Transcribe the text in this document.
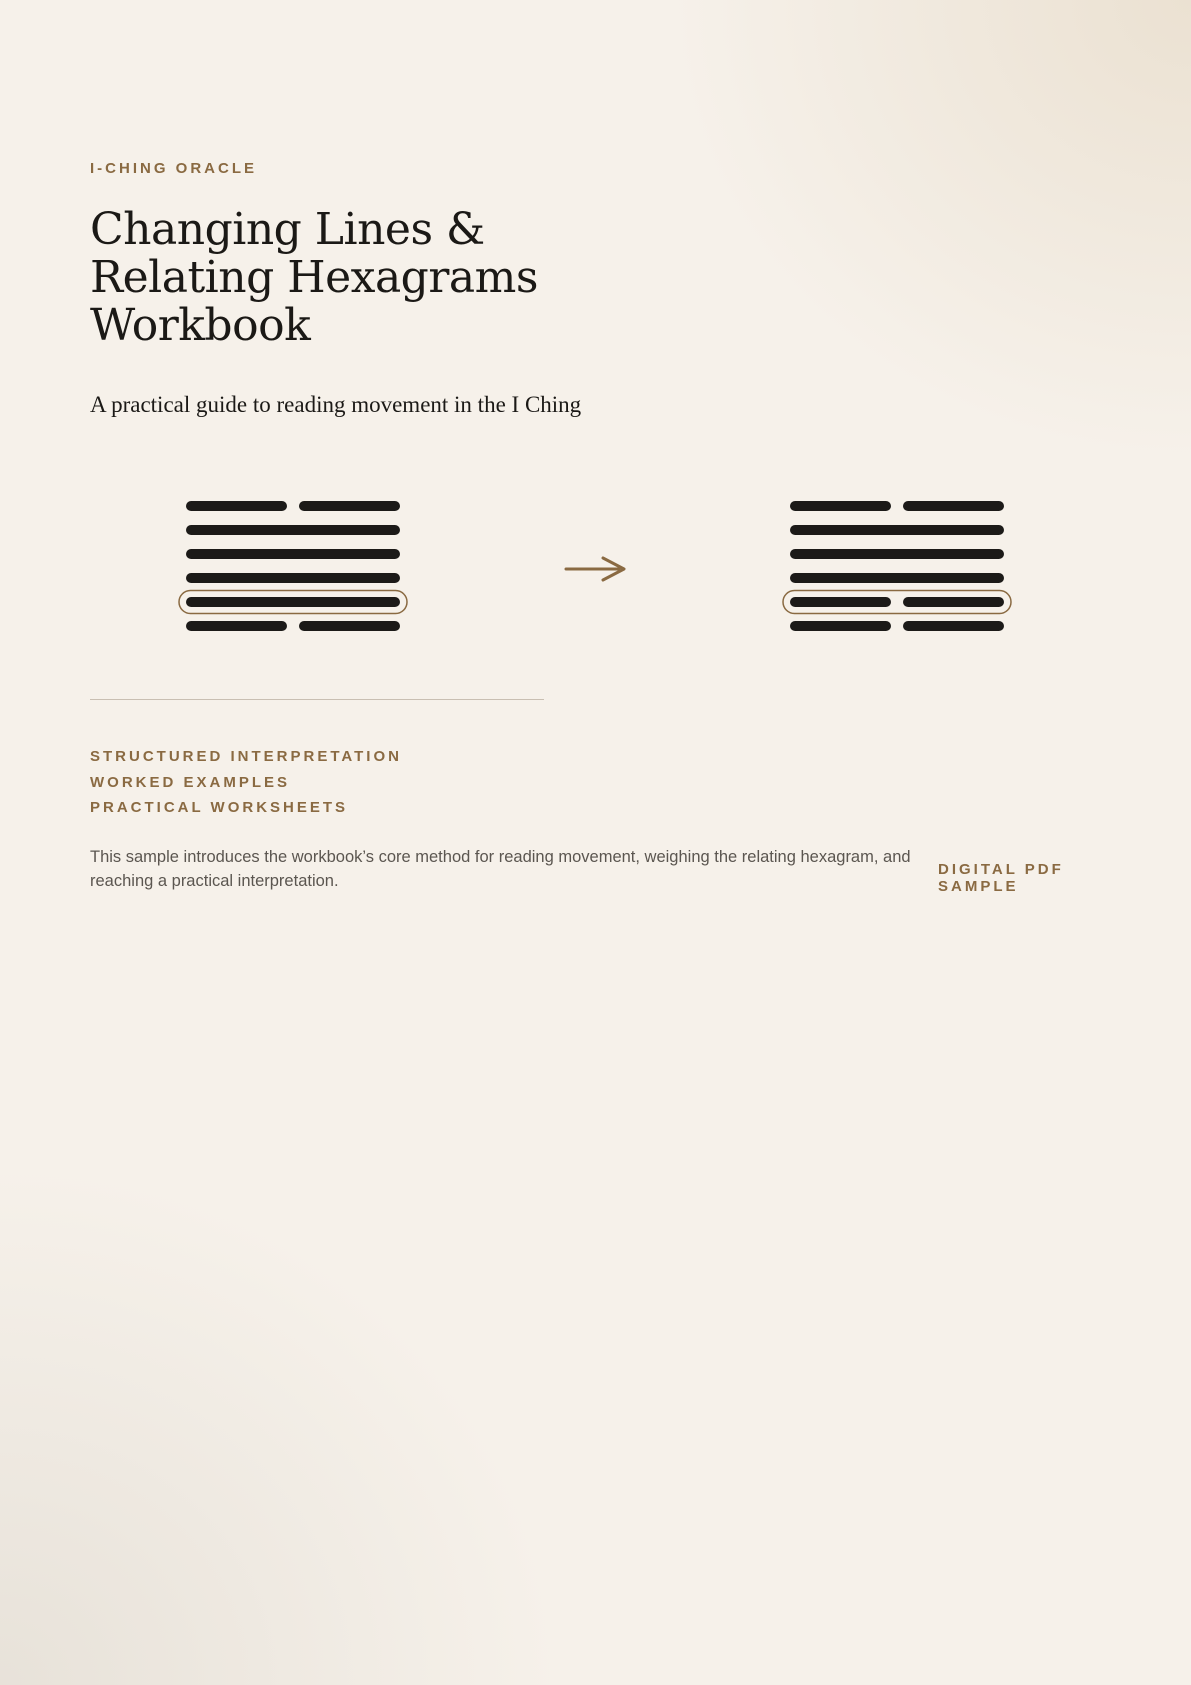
I-CHING ORACLE

Changing Lines &
Relating Hexagrams
Workbook

A practical guide to reading movement in the I Ching

STRUCTURED INTERPRETATION
WORKED EXAMPLES
PRACTICAL WORKSHEETS

This sample introduces the workbook’s core method for reading movement, weighing the relating hexagram, and reaching a practical interpretation.

DIGITAL PDF
SAMPLE
